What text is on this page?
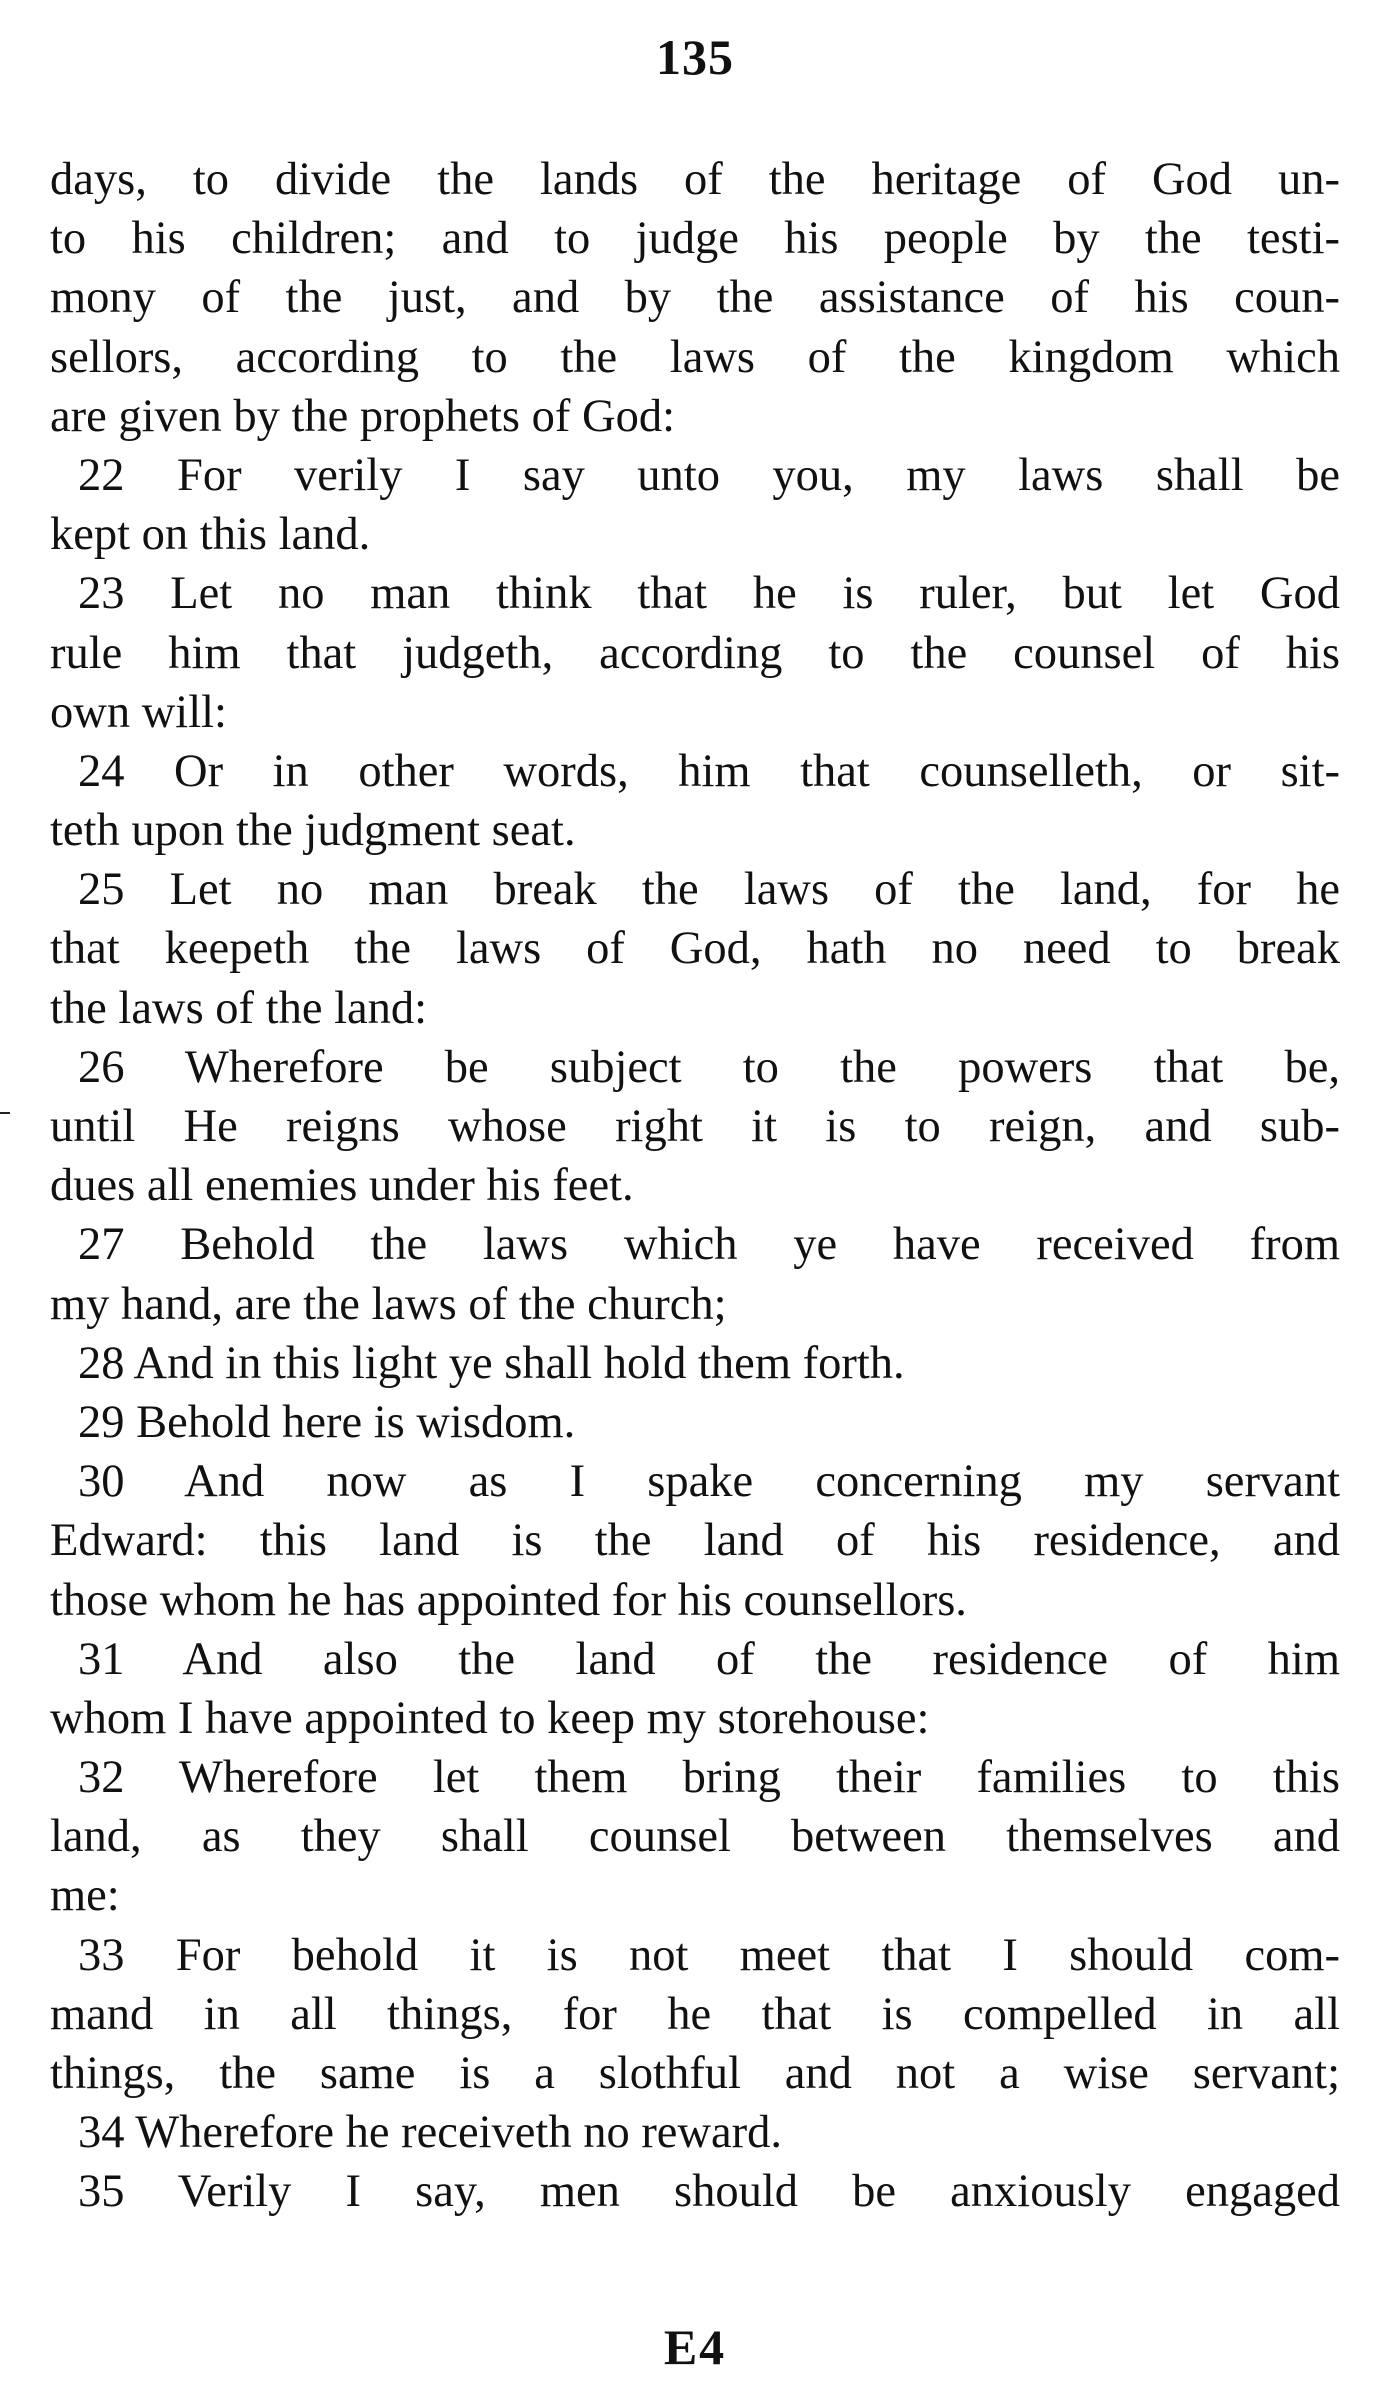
135
days, to divide the lands of the heritage of God un-
to his children; and to judge his people by the testi-
mony of the just, and by the assistance of his coun-
sellors, according to the laws of the kingdom which
are given by the prophets of God:
22 For verily I say unto you, my laws shall be
kept on this land.
23 Let no man think that he is ruler, but let God
rule him that judgeth, according to the counsel of his
own will:
24 Or in other words, him that counselleth, or sit-
teth upon the judgment seat.
25 Let no man break the laws of the land, for he
that keepeth the laws of God, hath no need to break
the laws of the land:
26 Wherefore be subject to the powers that be,
until He reigns whose right it is to reign, and sub-
dues all enemies under his feet.
27 Behold the laws which ye have received from
my hand, are the laws of the church;
28 And in this light ye shall hold them forth.
29 Behold here is wisdom.
30 And now as I spake concerning my servant
Edward: this land is the land of his residence, and
those whom he has appointed for his counsellors.
31 And also the land of the residence of him
whom I have appointed to keep my storehouse:
32 Wherefore let them bring their families to this
land, as they shall counsel between themselves and
me:
33 For behold it is not meet that I should com-
mand in all things, for he that is compelled in all
things, the same is a slothful and not a wise servant;
34 Wherefore he receiveth no reward.
35 Verily I say, men should be anxiously engaged
E4
